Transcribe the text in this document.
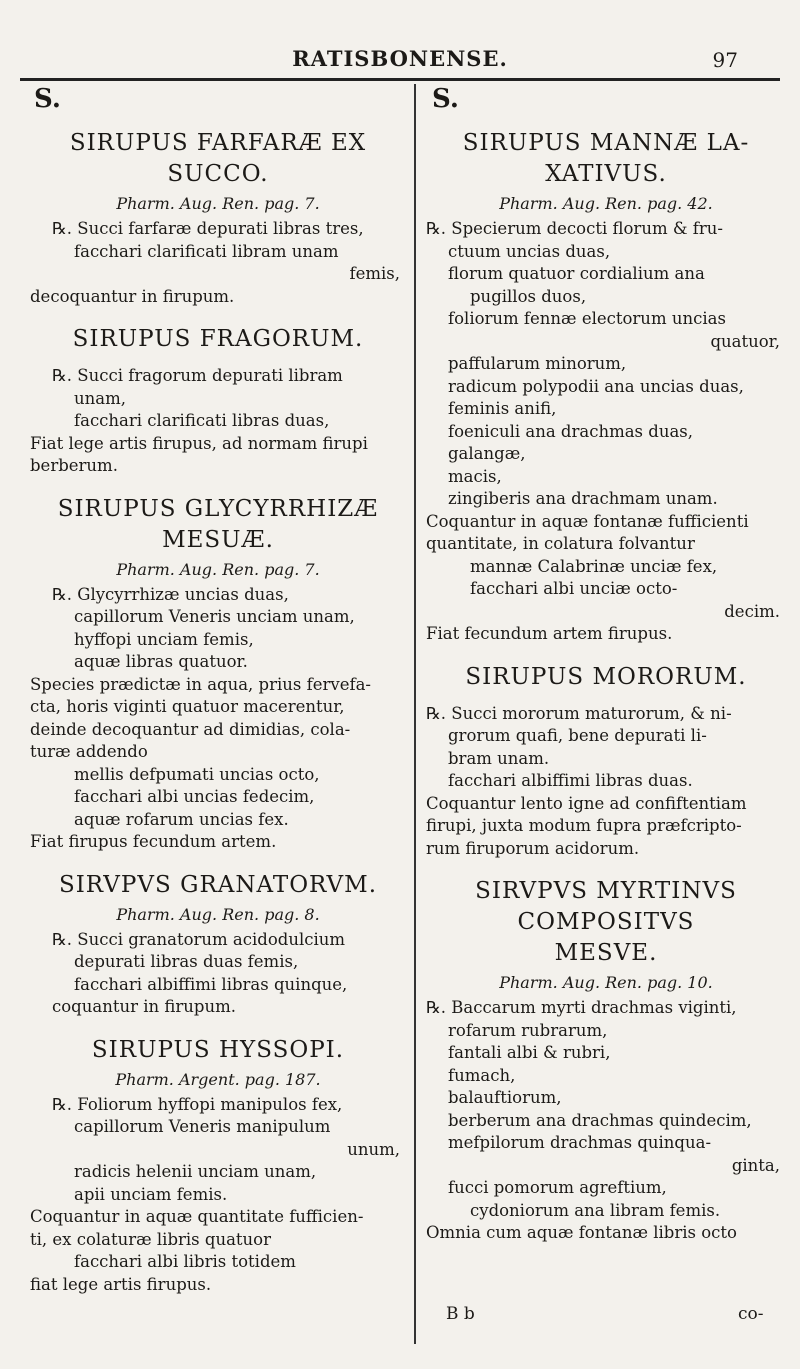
RATISBONENSE.	97
S.
SIRUPUS FARFARÆ EX
SUCCO.
Pharm. Aug. Ren. pag. 7.
℞. Succi farfaræ depurati libras tres,
facchari clarificati libram unam
femis,
decoquantur in firupum.
SIRUPUS FRAGORUM.
℞. Succi fragorum depurati libram
unam,
facchari clarificati libras duas,
Fiat lege artis firupus, ad normam firupi
berberum.
SIRUPUS GLYCYRRHIZÆ
MESUÆ.
Pharm. Aug. Ren. pag. 7.
℞. Glycyrrhizæ uncias duas,
capillorum Veneris unciam unam,
hyffopi unciam femis,
aquæ libras quatuor.
Species prædictæ in aqua, prius fervefa-
cta, horis viginti quatuor macerentur,
deinde decoquantur ad dimidias, cola-
turæ addendo
mellis defpumati uncias octo,
facchari albi uncias fedecim,
aquæ rofarum uncias fex.
Fiat firupus fecundum artem.
SIRVPVS GRANATORVM.
Pharm. Aug. Ren. pag. 8.
℞. Succi granatorum acidodulcium
depurati libras duas femis,
facchari albiffimi libras quinque,
coquantur in firupum.
SIRUPUS HYSSOPI.
Pharm. Argent. pag. 187.
℞. Foliorum hyffopi manipulos fex,
capillorum Veneris manipulum
unum,
radicis helenii unciam unam,
apii unciam femis.
Coquantur in aquæ quantitate fufficien-
ti, ex colaturæ libris quatuor
facchari albi libris totidem
fiat lege artis firupus.
S.
SIRUPUS MANNÆ LA-
XATIVUS.
Pharm. Aug. Ren. pag. 42.
℞. Specierum decocti florum & fru-
ctuum uncias duas,
florum quatuor cordialium ana
pugillos duos,
foliorum fennæ electorum uncias
quatuor,
paffularum minorum,
radicum polypodii ana uncias duas,
feminis anifi,
foeniculi ana drachmas duas,
galangæ,
macis,
zingiberis ana drachmam unam.
Coquantur in aquæ fontanæ fufficienti
quantitate, in colatura folvantur
mannæ Calabrinæ unciæ fex,
facchari albi unciæ octo-
decim.
Fiat fecundum artem firupus.
SIRUPUS MORORUM.
℞. Succi mororum maturorum, & ni-
grorum quafi, bene depurati li-
bram unam.
facchari albiffimi libras duas.
Coquantur lento igne ad confiftentiam
firupi, juxta modum fupra præfcripto-
rum firuporum acidorum.
SIRVPVS MYRTINVS
COMPOSITVS
MESVE.
Pharm. Aug. Ren. pag. 10.
℞. Baccarum myrti drachmas viginti,
rofarum rubrarum,
fantali albi & rubri,
fumach,
balauftiorum,
berberum ana drachmas quindecim,
mefpilorum drachmas quinqua-
ginta,
fucci pomorum agreftium,
cydoniorum ana libram femis.
Omnia cum aquæ fontanæ libris octo
B b	co-
